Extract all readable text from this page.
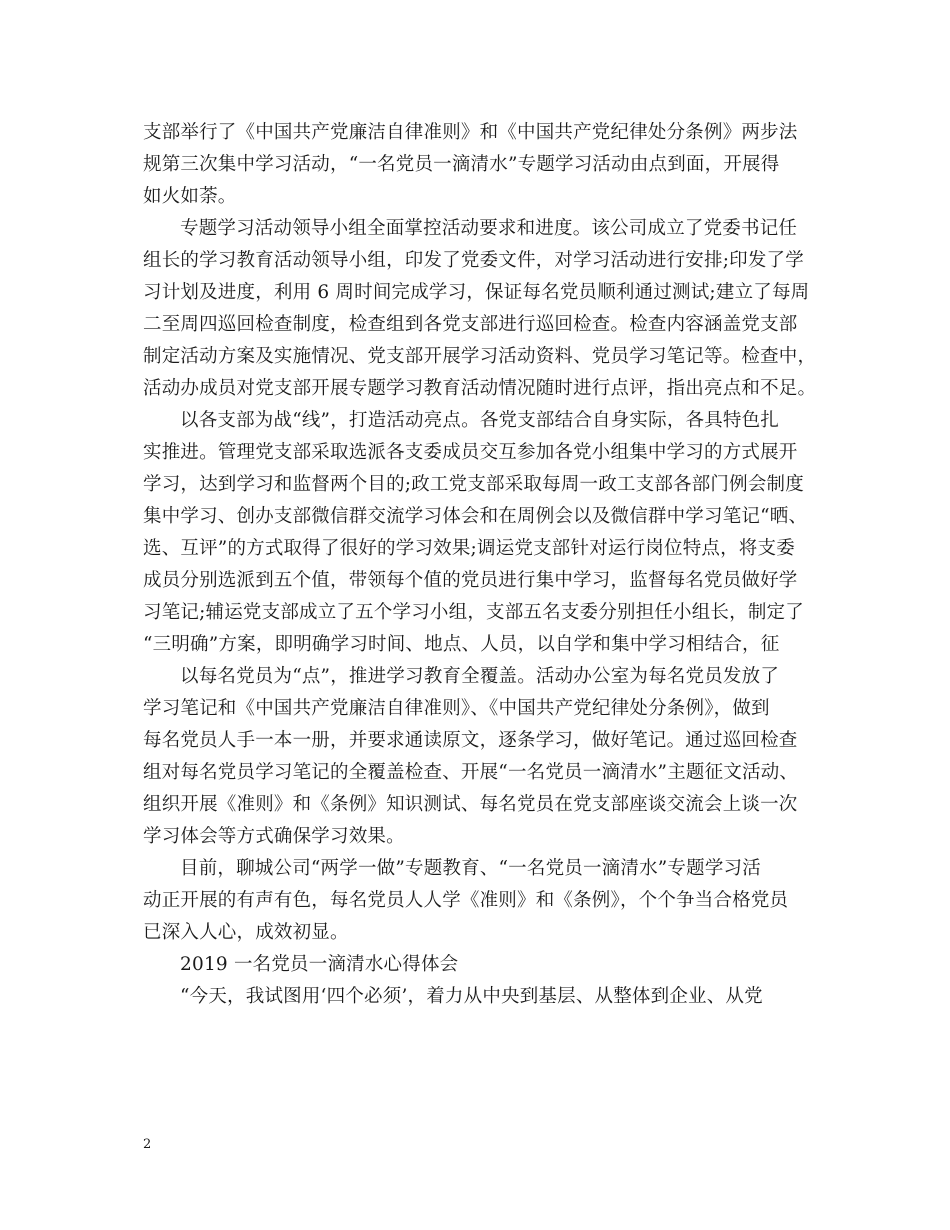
支部举行了《中国共产党廉洁自律准则》和《中国共产党纪律处分条例》两步法
规第三次集中学习活动，“一名党员一滴清水”专题学习活动由点到面，开展得
如火如荼。
专题学习活动领导小组全面掌控活动要求和进度。该公司成立了党委书记任
组长的学习教育活动领导小组，印发了党委文件，对学习活动进行安排;印发了学
习计划及进度，利用 6 周时间完成学习，保证每名党员顺利通过测试;建立了每周
二至周四巡回检查制度，检查组到各党支部进行巡回检查。检查内容涵盖党支部
制定活动方案及实施情况、党支部开展学习活动资料、党员学习笔记等。检查中，
活动办成员对党支部开展专题学习教育活动情况随时进行点评，指出亮点和不足。
以各支部为战“线”，打造活动亮点。各党支部结合自身实际，各具特色扎
实推进。管理党支部采取选派各支委成员交互参加各党小组集中学习的方式展开
学习，达到学习和监督两个目的;政工党支部采取每周一政工支部各部门例会制度
集中学习、创办支部微信群交流学习体会和在周例会以及微信群中学习笔记“晒、
选、互评”的方式取得了很好的学习效果;调运党支部针对运行岗位特点，将支委
成员分别选派到五个值，带领每个值的党员进行集中学习，监督每名党员做好学
习笔记;辅运党支部成立了五个学习小组，支部五名支委分别担任小组长，制定了
“三明确”方案，即明确学习时间、地点、人员，以自学和集中学习相结合，征
以每名党员为“点”，推进学习教育全覆盖。活动办公室为每名党员发放了
学习笔记和《中国共产党廉洁自律准则》、《中国共产党纪律处分条例》，做到
每名党员人手一本一册，并要求通读原文，逐条学习，做好笔记。通过巡回检查
组对每名党员学习笔记的全覆盖检查、开展“一名党员一滴清水”主题征文活动、
组织开展《准则》和《条例》知识测试、每名党员在党支部座谈交流会上谈一次
学习体会等方式确保学习效果。
目前，聊城公司“两学一做”专题教育、“一名党员一滴清水”专题学习活
动正开展的有声有色，每名党员人人学《准则》和《条例》，个个争当合格党员
已深入人心，成效初显。
2019 一名党员一滴清水心得体会
“今天，我试图用‘四个必须’，着力从中央到基层、从整体到企业、从党
2
